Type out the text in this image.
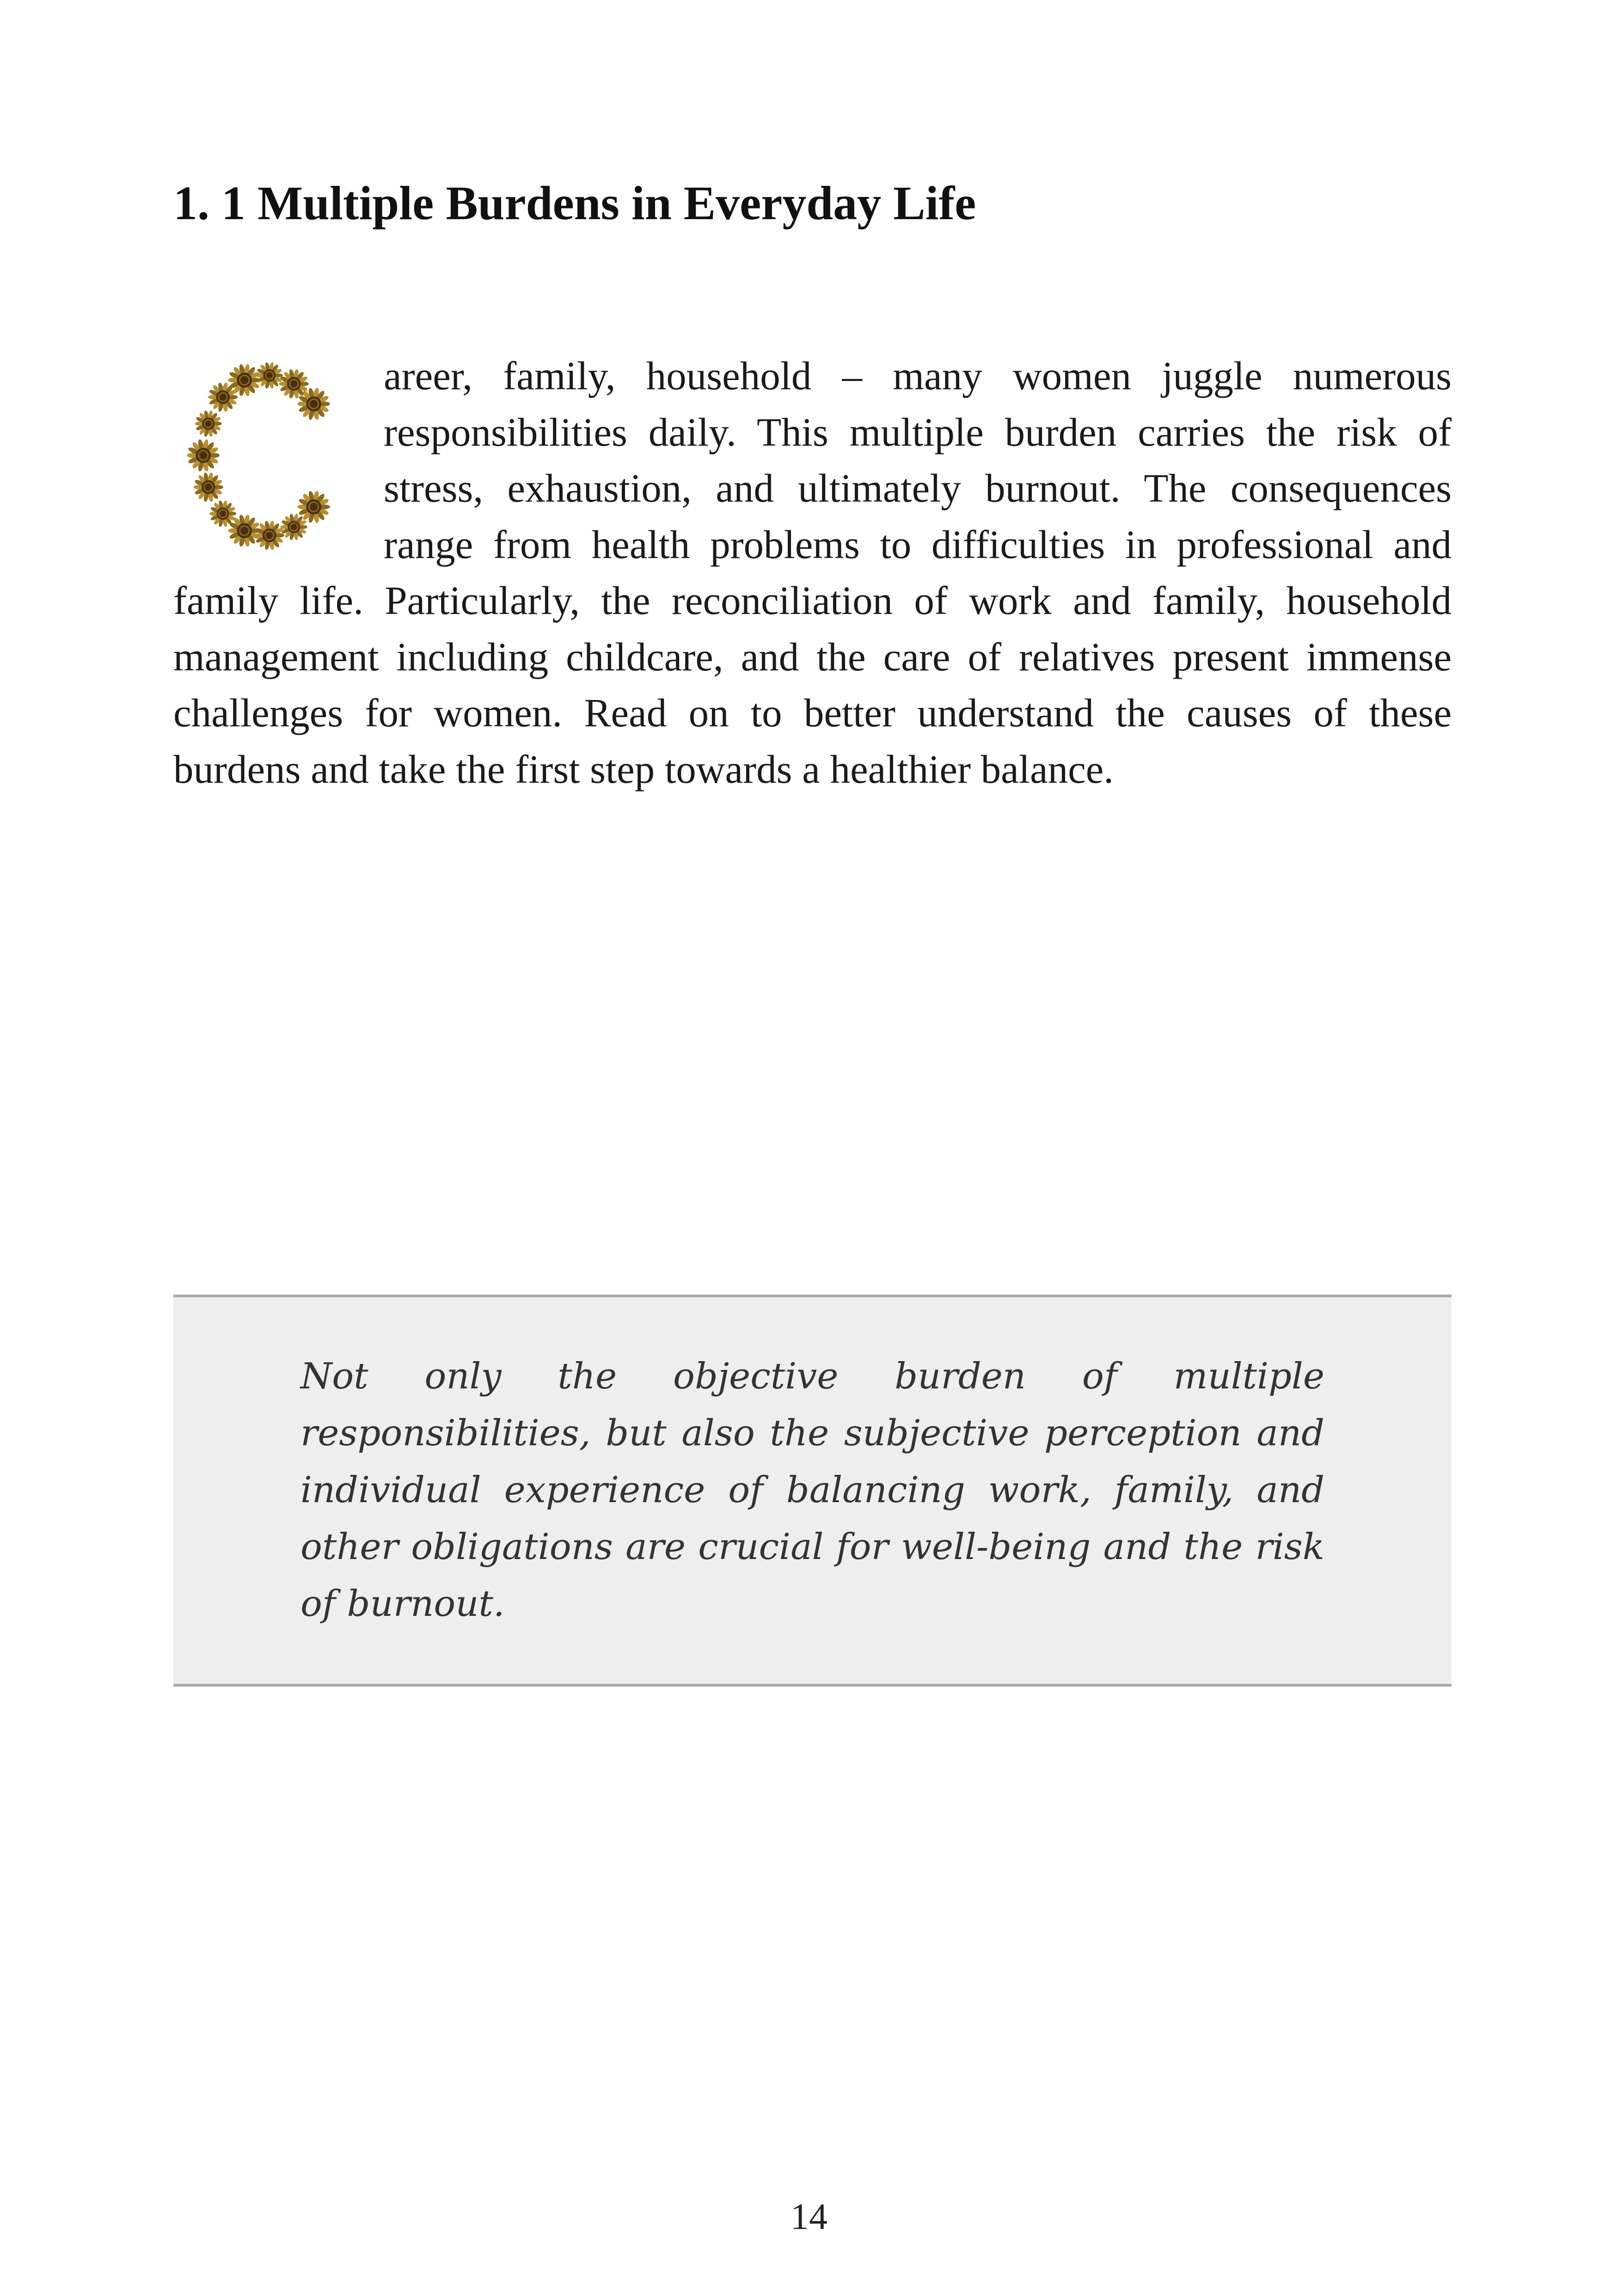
1. 1 Multiple Burdens in Everyday Life

areer, family, household – many women juggle numerous responsibilities daily. This multiple burden carries the risk of stress, exhaustion, and ultimately burnout. The consequences range from health problems to difficulties in professional and family life. Particularly, the reconciliation of work and family, household management including childcare, and the care of relatives present immense challenges for women. Read on to better understand the causes of these burdens and take the first step towards a healthier balance.

Not only the objective burden of multiple responsibilities, but also the subjective perception and individual experience of balancing work, family, and other obligations are crucial for well-being and the risk of burnout.

14
